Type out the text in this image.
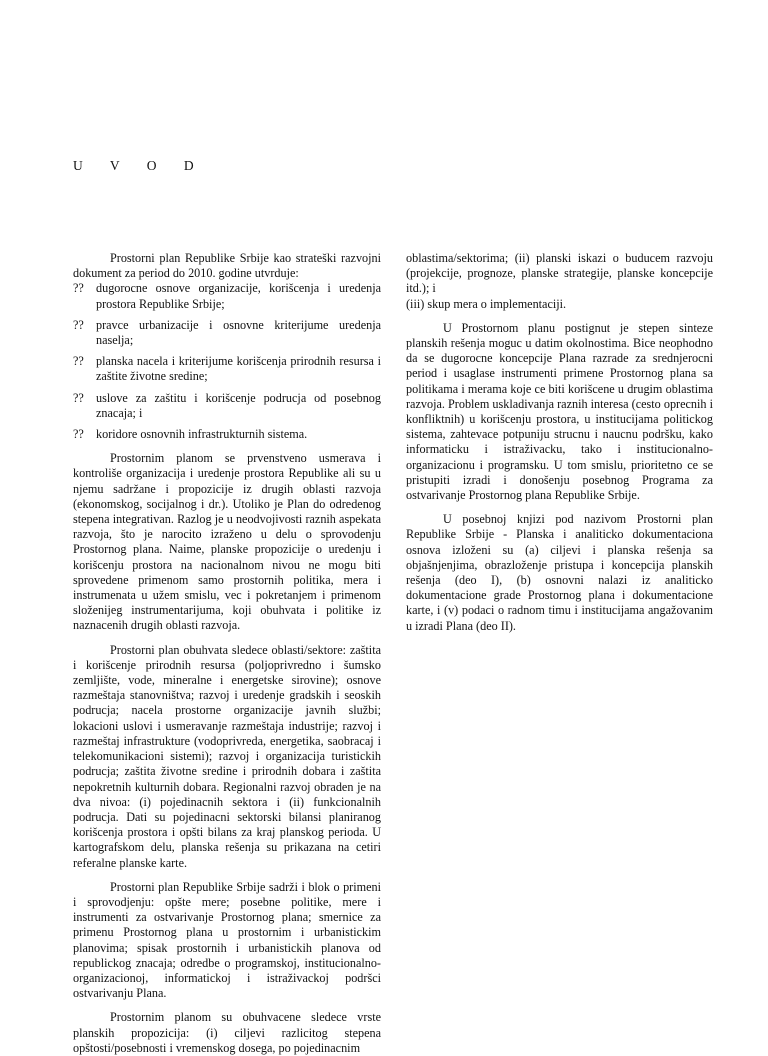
U V O D

Prostorni plan Republike Srbije kao strateški razvojni dokument za period do 2010. godine utvrduje:

?? dugorocne osnove organizacije, korišcenja i uredenja prostora Republike Srbije;
?? pravce urbanizacije i osnovne kriterijume uredenja naselja;
?? planska nacela i kriterijume korišcenja prirodnih resursa i zaštite životne sredine;
?? uslove za zaštitu i korišcenje podrucja od posebnog znacaja; i
?? koridore osnovnih infrastrukturnih sistema.

Prostornim planom se prvenstveno usmerava i kontroliše organizacija i uredenje prostora Republike ali su u njemu sadržane i propozicije iz drugih oblasti razvoja (ekonomskog, socijalnog i dr.). Utoliko je Plan do odredenog stepena integrativan. Razlog je u neodvojivosti raznih aspekata razvoja, što je narocito izraženo u delu o sprovodenju Prostornog plana. Naime, planske propozicije o uredenju i korišcenju prostora na nacionalnom nivou ne mogu biti sprovedene primenom samo prostornih politika, mera i instrumenata u užem smislu, vec i pokretanjem i primenom složenijeg instrumentarijuma, koji obuhvata i politike iz naznacenih drugih oblasti razvoja.

Prostorni plan obuhvata sledece oblasti/sektore: zaštita i korišcenje prirodnih resursa (poljoprivredno i šumsko zemljište, vode, mineralne i energetske sirovine); osnove razmeštaja stanovništva; razvoj i uredenje gradskih i seoskih podrucja; nacela prostorne organizacije javnih službi; lokacioni uslovi i usmeravanje razmeštaja industrije; razvoj i razmeštaj infrastrukture (vodoprivreda, energetika, saobracaj i telekomunikacioni sistemi); razvoj i organizacija turistickih podrucja; zaštita životne sredine i prirodnih dobara i zaštita nepokretnih kulturnih dobara. Regionalni razvoj obraden je na dva nivoa: (i) pojedinacnih sektora i (ii) funkcionalnih podrucja. Dati su pojedinacni sektorski bilansi planiranog korišcenja prostora i opšti bilans za kraj planskog perioda. U kartografskom delu, planska rešenja su prikazana na cetiri referalne planske karte.

Prostorni plan Republike Srbije sadrži i blok o primeni i sprovodjenju: opšte mere; posebne politike, mere i instrumenti za ostvarivanje Prostornog plana; smernice za primenu Prostornog plana u prostornim i urbanistickim planovima; spisak prostornih i urbanistickih planova od republickog znacaja; odredbe o programskoj, institucionalno-organizacionoj, informatickoj i istraživackoj podršci ostvarivanju Plana.

Prostornim planom su obuhvacene sledece vrste planskih propozicija: (i) ciljevi razlicitog stepena opštosti/posebnosti i vremenskog dosega, po pojedinacnim

oblastima/sektorima; (ii) planski iskazi o buducem razvoju (projekcije, prognoze, planske strategije, planske koncepcije itd.); i

(iii) skup mera o implementaciji.

U Prostornom planu postignut je stepen sinteze planskih rešenja moguc u datim okolnostima. Bice neophodno da se dugorocne koncepcije Plana razrade za srednjerocni period i usaglase instrumenti primene Prostornog plana sa politikama i merama koje ce biti korišcene u drugim oblastima razvoja. Problem uskladivanja raznih interesa (cesto oprecnih i konfliktnih) u korišcenju prostora, u institucijama politickog sistema, zahtevace potpuniju strucnu i naucnu podršku, kako informaticku i istraživacku, tako i institucionalno-organizacionu i programsku. U tom smislu, prioritetno ce se pristupiti izradi i donošenju posebnog Programa za ostvarivanje Prostornog plana Republike Srbije.

U posebnoj knjizi pod nazivom Prostorni plan Republike Srbije - Planska i analiticko dokumentaciona osnova izloženi su (a) ciljevi i planska rešenja sa objašnjenjima, obrazloženje pristupa i koncepcija planskih rešenja (deo I), (b) osnovni nalazi iz analiticko dokumentacione grade Prostornog plana i dokumentacione karte, i (v) podaci o radnom timu i institucijama angažovanim u izradi Plana (deo II).
